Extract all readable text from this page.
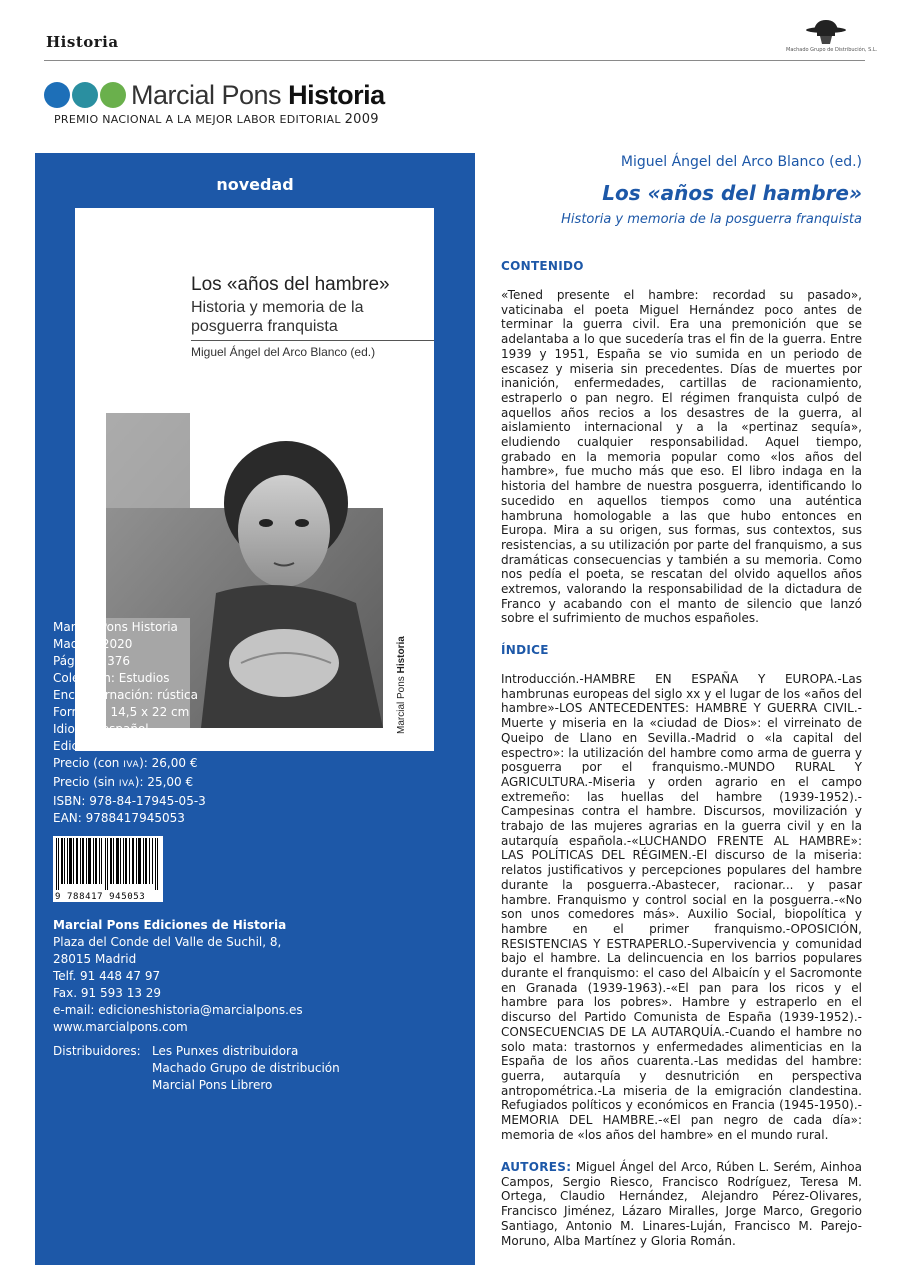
Historia	Machado Grupo de Distribución, S.L.
Marcial Pons Historia
PREMIO NACIONAL A LA MEJOR LABOR EDITORIAL 2009
novedad
Los «años del hambre»
Historia y memoria de la posguerra franquista
Miguel Ángel del Arco Blanco (ed.)
Marcial Pons Historia
Marcial Pons Historia
Madrid, 2020
Páginas: 376
Colección: Estudios
Encuadernación: rústica
Formato: 14,5 x 22 cm
Idioma: español
Edición: 1.ª
Precio (con IVA): 26,00 €
Precio (sin IVA): 25,00 €
ISBN: 978-84-17945-05-3
EAN: 9788417945053
9 788417 945053
Marcial Pons Ediciones de Historia
Plaza del Conde del Valle de Suchil, 8,
28015 Madrid
Telf. 91 448 47 97
Fax. 91 593 13 29
e-mail: edicioneshistoria@marcialpons.es
www.marcialpons.com
Distribuidores: Les Punxes distribuidora
Machado Grupo de distribución
Marcial Pons Librero
Miguel Ángel del Arco Blanco (ed.)
Los «años del hambre»
Historia y memoria de la posguerra franquista
CONTENIDO
«Tened presente el hambre: recordad su pasado», vaticinaba el poeta Miguel Hernández poco antes de terminar la guerra civil. Era una premonición que se adelantaba a lo que sucedería tras el fin de la guerra. Entre 1939 y 1951, España se vio sumida en un periodo de escasez y miseria sin precedentes. Días de muertes por inanición, enfermedades, cartillas de racionamiento, estraperlo o pan negro. El régimen franquista culpó de aquellos años recios a los desastres de la guerra, al aislamiento internacional y a la «pertinaz sequía», eludiendo cualquier responsabilidad. Aquel tiempo, grabado en la memoria popular como «los años del hambre», fue mucho más que eso. El libro indaga en la historia del hambre de nuestra posguerra, identificando lo sucedido en aquellos tiempos como una auténtica hambruna homologable a las que hubo entonces en Europa. Mira a su origen, sus formas, sus contextos, sus resistencias, a su utilización por parte del franquismo, a sus dramáticas consecuencias y también a su memoria. Como nos pedía el poeta, se rescatan del olvido aquellos años extremos, valorando la responsabilidad de la dictadura de Franco y acabando con el manto de silencio que lanzó sobre el sufrimiento de muchos españoles.
ÍNDICE
Introducción.-HAMBRE EN ESPAÑA Y EUROPA.-Las hambrunas europeas del siglo xx y el lugar de los «años del hambre»-LOS ANTECEDENTES: HAMBRE Y GUERRA CIVIL.-Muerte y miseria en la «ciudad de Dios»: el virreinato de Queipo de Llano en Sevilla.-Madrid o «la capital del espectro»: la utilización del hambre como arma de guerra y posguerra por el franquismo.-MUNDO RURAL Y AGRICULTURA.-Miseria y orden agrario en el campo extremeño: las huellas del hambre (1939-1952).-Campesinas contra el hambre. Discursos, movilización y trabajo de las mujeres agrarias en la guerra civil y en la autarquía española.-«LUCHANDO FRENTE AL HAMBRE»: LAS POLÍTICAS DEL RÉGIMEN.-El discurso de la miseria: relatos justificativos y percepciones populares del hambre durante la posguerra.-Abastecer, racionar... y pasar hambre. Franquismo y control social en la posguerra.-«No son unos comedores más». Auxilio Social, biopolítica y hambre en el primer franquismo.-OPOSICIÓN, RESISTENCIAS Y ESTRAPERLO.-Supervivencia y comunidad bajo el hambre. La delincuencia en los barrios populares durante el franquismo: el caso del Albaicín y el Sacromonte en Granada (1939-1963).-«El pan para los ricos y el hambre para los pobres». Hambre y estraperlo en el discurso del Partido Comunista de España (1939-1952).-CONSECUENCIAS DE LA AUTARQUÍA.-Cuando el hambre no solo mata: trastornos y enfermedades alimenticias en la España de los años cuarenta.-Las medidas del hambre: guerra, autarquía y desnutrición en perspectiva antropométrica.-La miseria de la emigración clandestina. Refugiados políticos y económicos en Francia (1945-1950).-MEMORIA DEL HAMBRE.-«El pan negro de cada día»: memoria de «los años del hambre» en el mundo rural.
AUTORES: Miguel Ángel del Arco, Rúben L. Serém, Ainhoa Campos, Sergio Riesco, Francisco Rodríguez, Teresa M. Ortega, Claudio Hernández, Alejandro Pérez-Olivares, Francisco Jiménez, Lázaro Miralles, Jorge Marco, Gregorio Santiago, Antonio M. Linares-Luján, Francisco M. Parejo-Moruno, Alba Martínez y Gloria Román.
